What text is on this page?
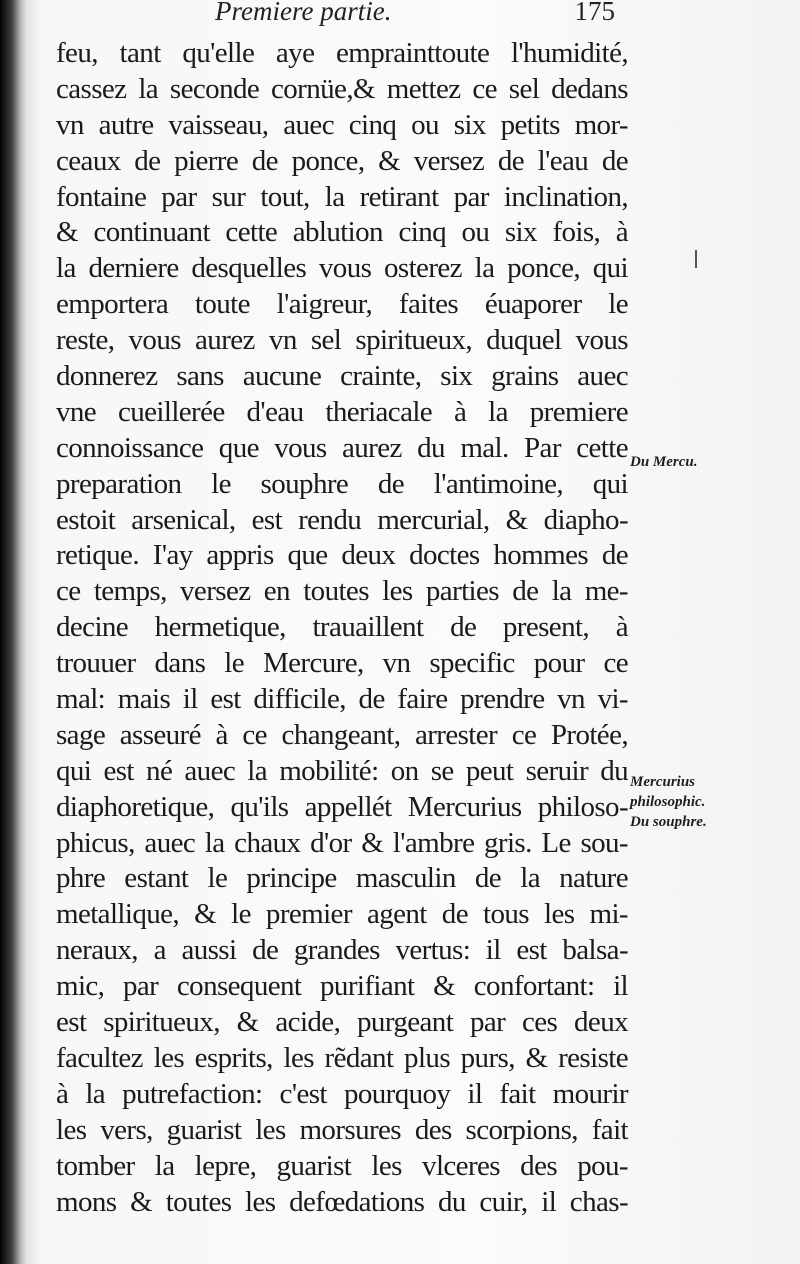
Premiere partie.	175
feu, tant qu'elle aye emprainttoute l'humidité,
cassez la seconde cornüe,& mettez ce sel dedans
vn autre vaisseau, auec cinq ou six petits mor-
ceaux de pierre de ponce, & versez de l'eau de
fontaine par sur tout, la retirant par inclination,
& continuant cette ablution cinq ou six fois, à
la derniere desquelles vous osterez la ponce, qui
emportera toute l'aigreur, faites éuaporer le
reste, vous aurez vn sel spiritueux, duquel vous
donnerez sans aucune crainte, six grains auec
vne cueillerée d'eau theriacale à la premiere
connoissance que vous aurez du mal. Par cette
preparation le souphre de l'antimoine, qui
estoit arsenical, est rendu mercurial, & diapho-
retique. I'ay appris que deux doctes hommes de
ce temps, versez en toutes les parties de la me-
decine hermetique, trauaillent de present, à
trouuer dans le Mercure, vn specific pour ce
mal: mais il est difficile, de faire prendre vn vi-
sage asseuré à ce changeant, arrester ce Protée,
qui est né auec la mobilité: on se peut seruir du
diaphoretique, qu'ils appellét Mercurius philoso-
phicus, auec la chaux d'or & l'ambre gris. Le sou-
phre estant le principe masculin de la nature
metallique, & le premier agent de tous les mi-
neraux, a aussi de grandes vertus: il est balsa-
mic, par consequent purifiant & confortant: il
est spiritueux, & acide, purgeant par ces deux
facultez les esprits, les rẽdant plus purs, & resiste
à la putrefaction: c'est pourquoy il fait mourir
les vers, guarist les morsures des scorpions, fait
tomber la lepre, guarist les vlceres des pou-
mons & toutes les defœdations du cuir, il chas-
Du Mercu.
Mercurius
philosophic.
Du souphre.
